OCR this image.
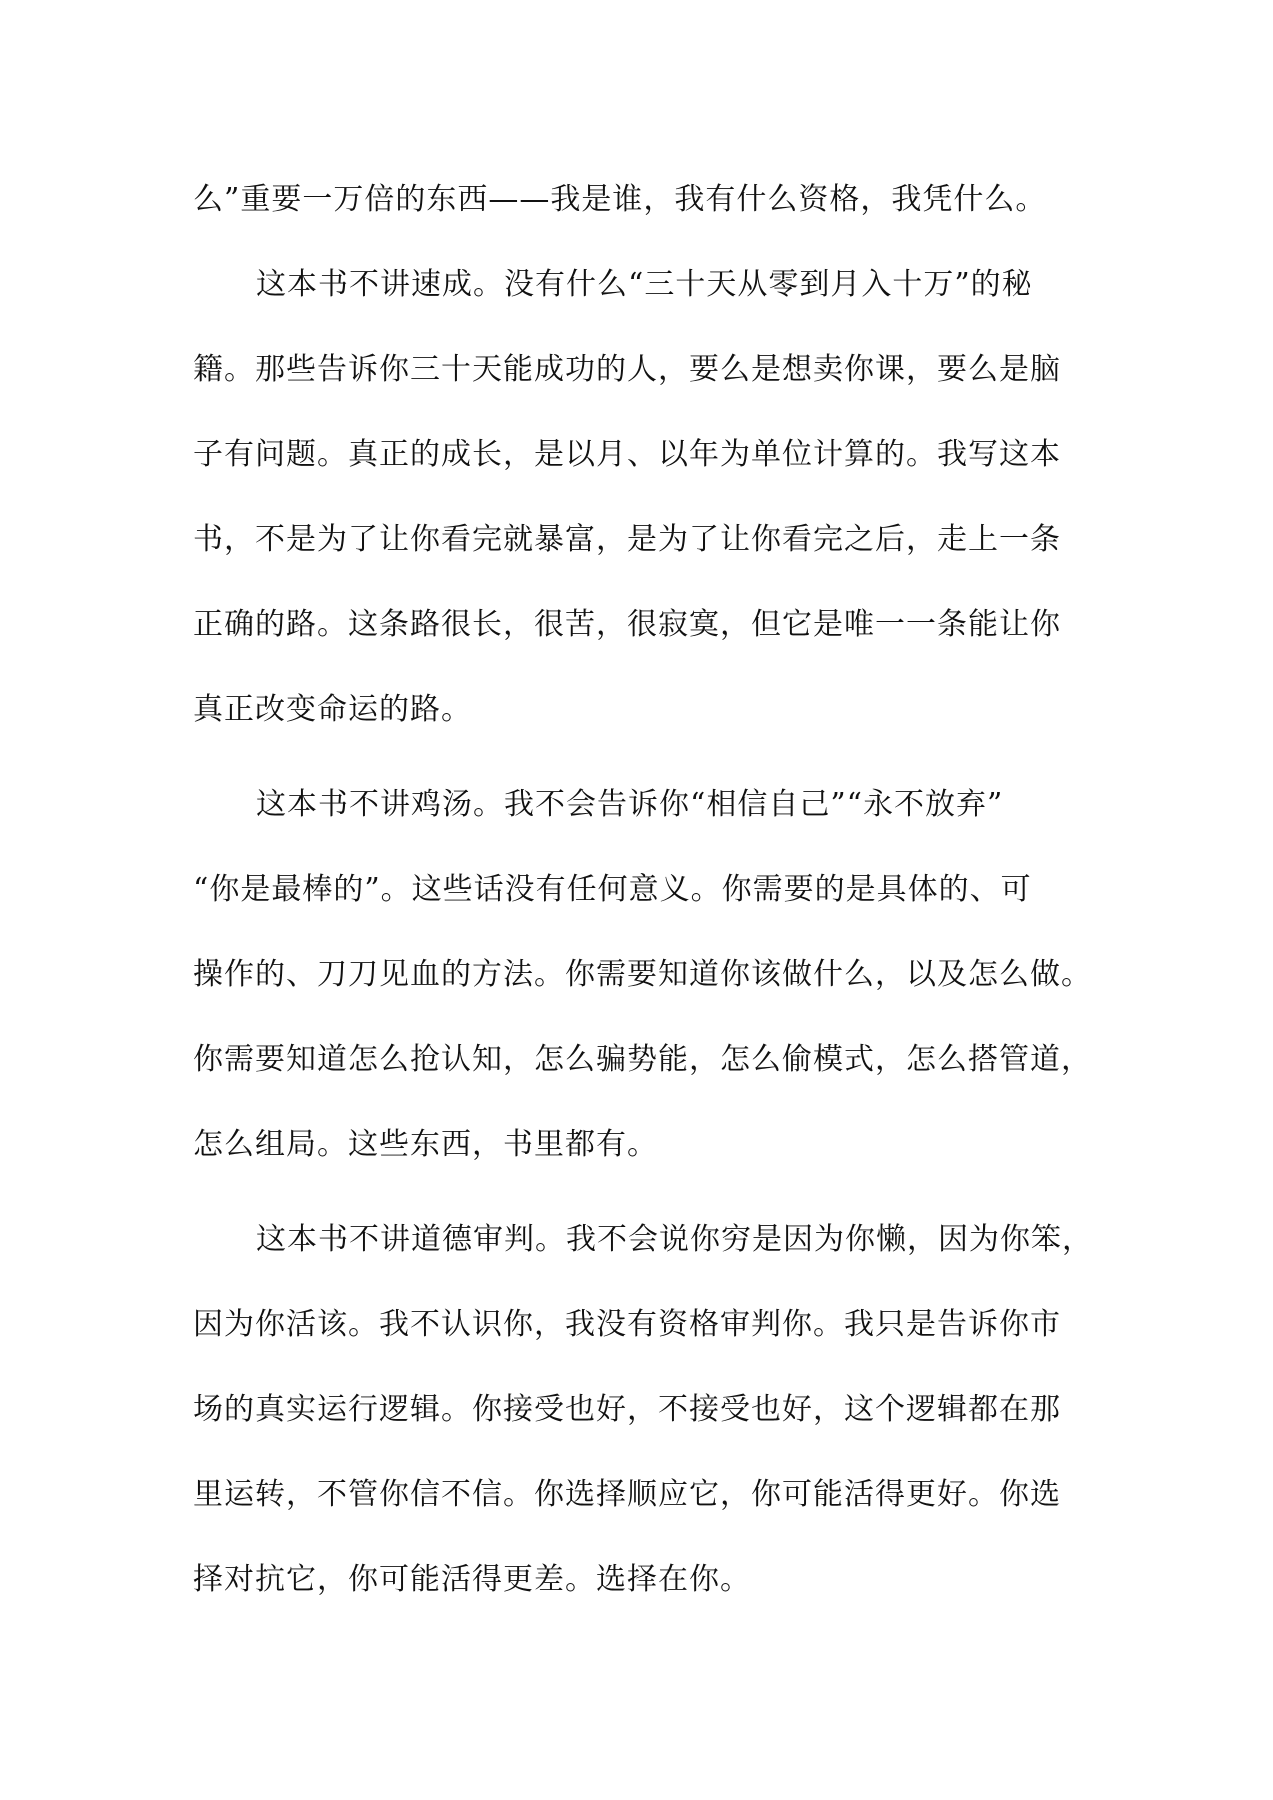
么”重要一万倍的东西——我是谁，我有什么资格，我凭什么。
这本书不讲速成。没有什么“三十天从零到月入十万”的秘
籍。那些告诉你三十天能成功的人，要么是想卖你课，要么是脑
子有问题。真正的成长，是以月、以年为单位计算的。我写这本
书，不是为了让你看完就暴富，是为了让你看完之后，走上一条
正确的路。这条路很长，很苦，很寂寞，但它是唯一一条能让你
真正改变命运的路。
这本书不讲鸡汤。我不会告诉你“相信自己”“永不放弃”
“你是最棒的”。这些话没有任何意义。你需要的是具体的、可
操作的、刀刀见血的方法。你需要知道你该做什么，以及怎么做。
你需要知道怎么抢认知，怎么骗势能，怎么偷模式，怎么搭管道，
怎么组局。这些东西，书里都有。
这本书不讲道德审判。我不会说你穷是因为你懒，因为你笨，
因为你活该。我不认识你，我没有资格审判你。我只是告诉你市
场的真实运行逻辑。你接受也好，不接受也好，这个逻辑都在那
里运转，不管你信不信。你选择顺应它，你可能活得更好。你选
择对抗它，你可能活得更差。选择在你。
